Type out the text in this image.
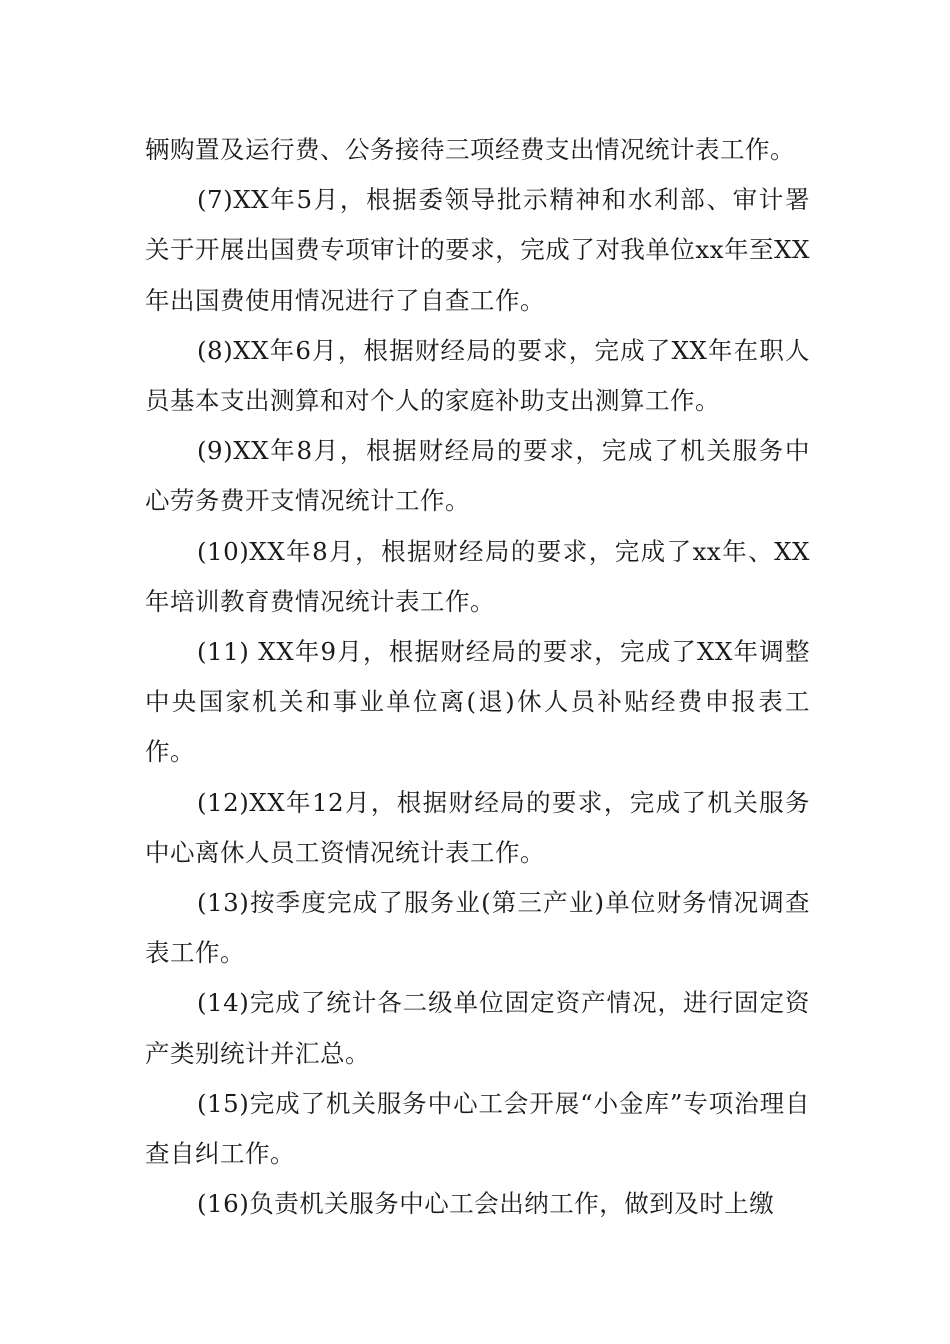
辆购置及运行费、公务接待三项经费支出情况统计表工作。

(7)XX年5月，根据委领导批示精神和水利部、审计署关于开展出国费专项审计的要求，完成了对我单位xx年至XX年出国费使用情况进行了自查工作。

(8)XX年6月，根据财经局的要求，完成了XX年在职人员基本支出测算和对个人的家庭补助支出测算工作。

(9)XX年8月，根据财经局的要求，完成了机关服务中心劳务费开支情况统计工作。

(10)XX年8月，根据财经局的要求，完成了xx年、XX年培训教育费情况统计表工作。

(11) XX年9月，根据财经局的要求，完成了XX年调整中央国家机关和事业单位离(退)休人员补贴经费申报表工作。

(12)XX年12月，根据财经局的要求，完成了机关服务中心离休人员工资情况统计表工作。

(13)按季度完成了服务业(第三产业)单位财务情况调查表工作。

(14)完成了统计各二级单位固定资产情况，进行固定资产类别统计并汇总。

(15)完成了机关服务中心工会开展“小金库”专项治理自查自纠工作。

(16)负责机关服务中心工会出纳工作，做到及时上缴
